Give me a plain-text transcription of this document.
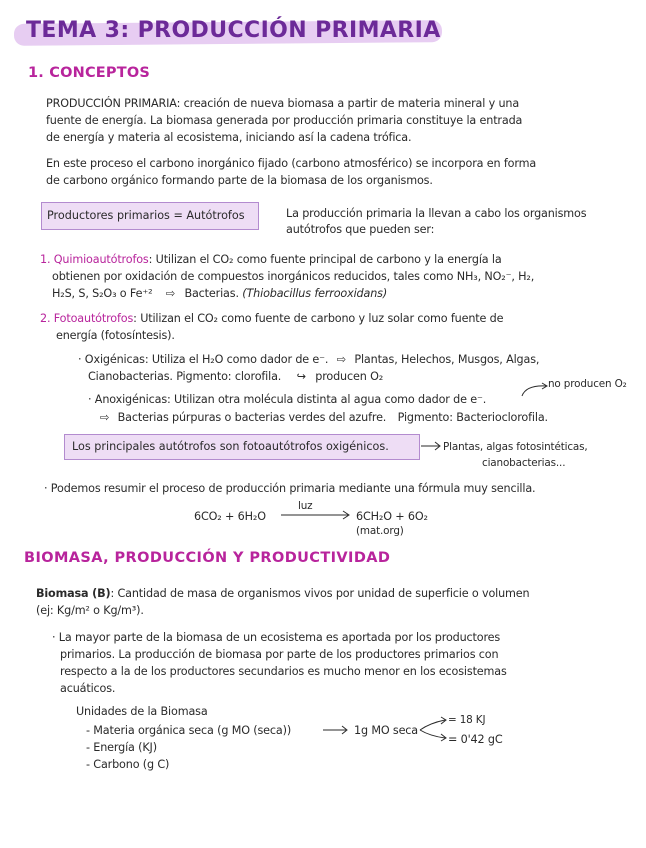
TEMA 3: PRODUCCIÓN PRIMARIA
1. CONCEPTOS
PRODUCCIÓN PRIMARIA: creación de nueva biomasa a partir de materia mineral y una
fuente de energía. La biomasa generada por producción primaria constituye la entrada
de energía y materia al ecosistema, iniciando así la cadena trófica.
En este proceso el carbono inorgánico fijado (carbono atmosférico) se incorpora en forma
de carbono orgánico formando parte de la biomasa de los organismos.
Productores primarios = Autótrofos	La producción primaria la llevan a cabo los organismos
autótrofos que pueden ser:
1. Quimioautótrofos: Utilizan el CO₂ como fuente principal de carbono y la energía la
obtienen por oxidación de compuestos inorgánicos reducidos, tales como NH₃, NO₂⁻, H₂,
H₂S, S, S₂O₃ o Fe⁺² ⇨ Bacterias. (Thiobacillus ferrooxidans)
2. Fotoautótrofos: Utilizan el CO₂ como fuente de carbono y luz solar como fuente de
energía (fotosíntesis).
· Oxigénicas: Utiliza el H₂O como dador de e⁻. ⇨ Plantas, Helechos, Musgos, Algas,
Cianobacterias. Pigmento: clorofila. ↪ producen O₂
no producen O₂
· Anoxigénicas: Utilizan otra molécula distinta al agua como dador de e⁻.
⇨ Bacterias púrpuras o bacterias verdes del azufre. Pigmento: Bacterioclorofila.
Los principales autótrofos son fotoautótrofos oxigénicos.	Plantas, algas fotosintéticas,
cianobacterias...
· Podemos resumir el proceso de producción primaria mediante una fórmula muy sencilla.
6CO₂ + 6H₂O
luz
6CH₂O + 6O₂
(mat.org)
BIOMASA, PRODUCCIÓN Y PRODUCTIVIDAD
Biomasa (B): Cantidad de masa de organismos vivos por unidad de superficie o volumen
(ej: Kg/m² o Kg/m³).
· La mayor parte de la biomasa de un ecosistema es aportada por los productores
primarios. La producción de biomasa por parte de los productores primarios con
respecto a la de los productores secundarios es mucho menor en los ecosistemas
acuáticos.
Unidades de la Biomasa
- Materia orgánica seca (g MO (seca))
- Energía (KJ)
- Carbono (g C)
1g MO seca
= 18 KJ
= 0'42 gC
